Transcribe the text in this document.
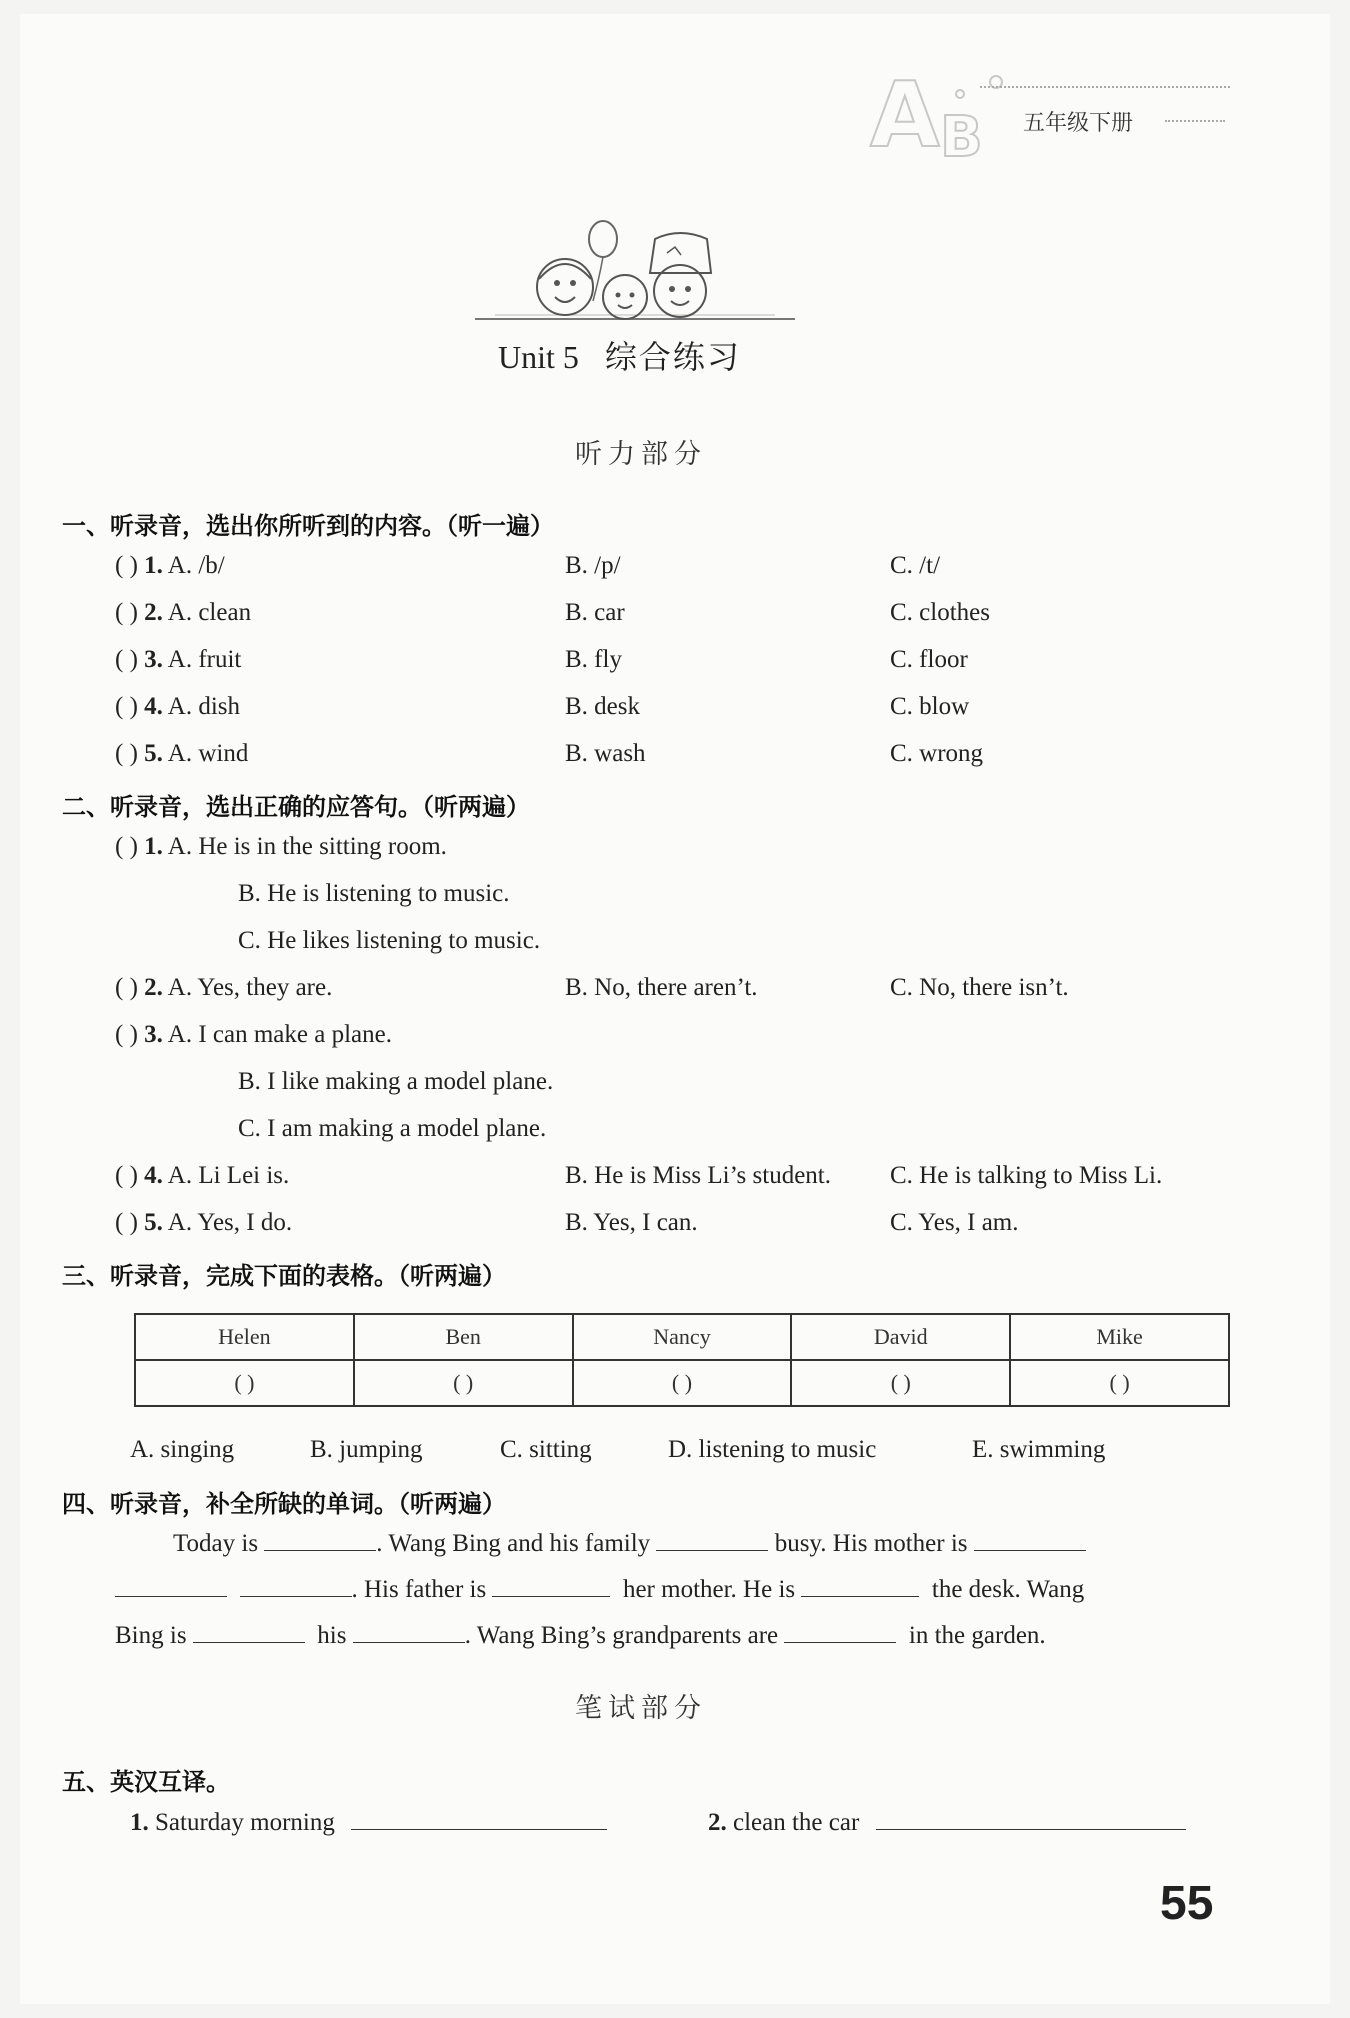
A B 五年级下册
Unit 5 综合练习
听力部分
一、听录音，选出你所听到的内容。（听一遍）
( ) 1. A. /b/	B. /p/	C. /t/
( ) 2. A. clean	B. car	C. clothes
( ) 3. A. fruit	B. fly	C. floor
( ) 4. A. dish	B. desk	C. blow
( ) 5. A. wind	B. wash	C. wrong
二、听录音，选出正确的应答句。（听两遍）
( ) 1. A. He is in the sitting room.
B. He is listening to music.
C. He likes listening to music.
( ) 2. A. Yes, they are.	B. No, there aren’t.	C. No, there isn’t.
( ) 3. A. I can make a plane.
B. I like making a model plane.
C. I am making a model plane.
( ) 4. A. Li Lei is.	B. He is Miss Li’s student. C. He is talking to Miss Li.
( ) 5. A. Yes, I do.	B. Yes, I can.	C. Yes, I am.
三、听录音，完成下面的表格。（听两遍）
Helen	Ben	Nancy	David	Mike
( )	( )	( )	( )	( )
A. singing	B. jumping	C. sitting	D. listening to music	E. swimming
四、听录音，补全所缺的单词。（听两遍）
Today is	. Wang Bing and his family	busy. His mother is
. His father is	her mother. He is	the desk. Wang
Bing is	his	. Wang Bing’s grandparents are	in the garden.
笔试部分
五、英汉互译。
1. Saturday morning	2. clean the car
55
